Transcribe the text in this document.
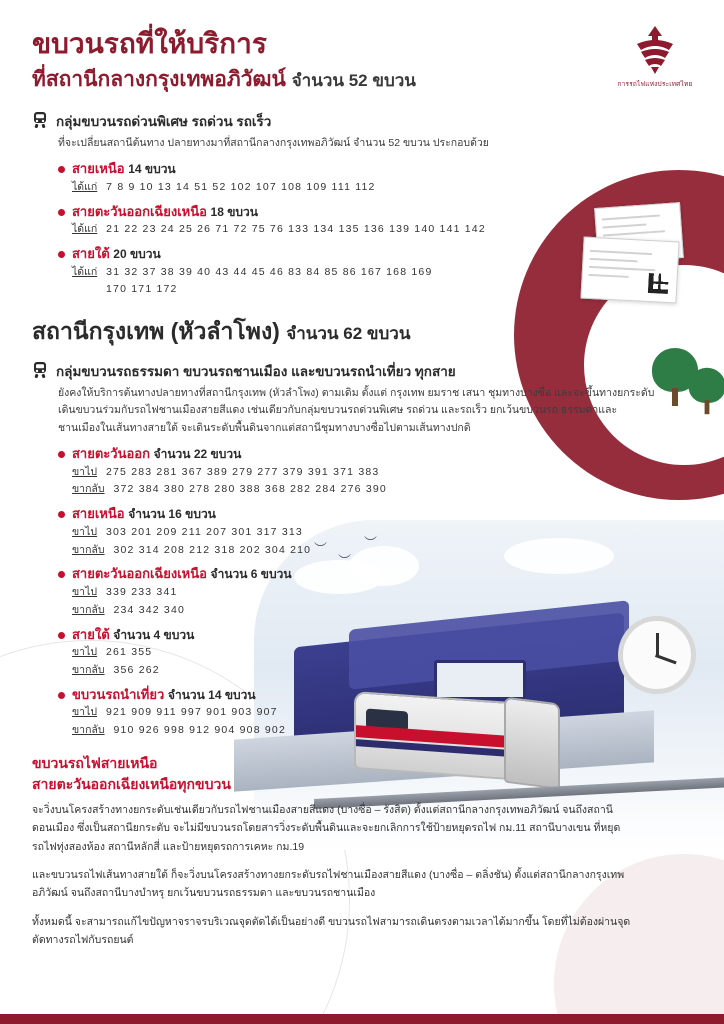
︶
︶
︶
การรถไฟแห่งประเทศไทย
ขบวนรถที่ให้บริการ
ที่สถานีกลางกรุงเทพอภิวัฒน์ จำนวน 52 ขบวน
กลุ่มขบวนรถด่วนพิเศษ รถด่วน รถเร็ว
ที่จะเปลี่ยนสถานีต้นทาง ปลายทางมาที่สถานีกลางกรุงเทพอภิวัฒน์ จำนวน 52 ขบวน ประกอบด้วย
สายเหนือ 14 ขบวน
ได้แก่ 7 8 9 10 13 14 51 52 102 107 108 109 111 112
สายตะวันออกเฉียงเหนือ 18 ขบวน
ได้แก่ 21 22 23 24 25 26 71 72 75 76 133 134 135 136 139 140 141 142
สายใต้ 20 ขบวน
ได้แก่ 31 32 37 38 39 40 43 44 45 46 83 84 85 86 167 168 169
170 171 172
สถานีกรุงเทพ (หัวลำโพง) จำนวน 62 ขบวน
กลุ่มขบวนรถธรรมดา ขบวนรถชานเมือง และขบวนรถนำเที่ยว ทุกสาย
ยังคงให้บริการต้นทางปลายทางที่สถานีกรุงเทพ (หัวลำโพง) ตามเดิม ตั้งแต่ กรุงเทพ ยมราช เสนา ชุมทางบางซื่อ และจะขึ้นทางยกระดับเดินขบวนร่วมกับรถไฟชานเมืองสายสีแดง เช่นเดียวกับกลุ่มขบวนรถด่วนพิเศษ รถด่วน และรถเร็ว ยกเว้นขบวนรถ ธรรมดาและชานเมืองในเส้นทางสายใต้ จะเดินระดับพื้นดินจากแต่สถานีชุมทางบางซื่อไปตามเส้นทางปกติ
สายตะวันออก จำนวน 22 ขบวน
ขาไป 275 283 281 367 389 279 277 379 391 371 383
ขากลับ 372 384 380 278 280 388 368 282 284 276 390
สายเหนือ จำนวน 16 ขบวน
ขาไป 303 201 209 211 207 301 317 313
ขากลับ 302 314 208 212 318 202 304 210
สายตะวันออกเฉียงเหนือ จำนวน 6 ขบวน
ขาไป 339 233 341
ขากลับ 234 342 340
สายใต้ จำนวน 4 ขบวน
ขาไป 261 355
ขากลับ 356 262
ขบวนรถนำเที่ยว จำนวน 14 ขบวน
ขาไป 921 909 911 997 901 903 907
ขากลับ 910 926 998 912 904 908 902
ขบวนรถไฟสายเหนือ
สายตะวันออกเฉียงเหนือทุกขบวน

จะวิ่งบนโครงสร้างทางยกระดับเช่นเดียวกับรถไฟชานเมืองสายสีแดง (บางซื่อ – รังสิต) ตั้งแต่สถานีกลางกรุงเทพอภิวัฒน์ จนถึงสถานีดอนเมือง ซึ่งเป็นสถานียกระดับ จะไม่มีขบวนรถโดยสารวิ่งระดับพื้นดินและจะยกเลิกการใช้ป้ายหยุดรถไฟ กม.11 สถานีบางเขน ที่หยุดรถไฟทุ่งสองห้อง สถานีหลักสี่ และป้ายหยุดรถการเคหะ กม.19

และขบวนรถไฟเส้นทางสายใต้ ก็จะวิ่งบนโครงสร้างทางยกระดับรถไฟชานเมืองสายสีแดง (บางซื่อ – ตลิ่งชัน) ตั้งแต่สถานีกลางกรุงเทพอภิวัฒน์ จนถึงสถานีบางบำหรุ ยกเว้นขบวนรถธรรมดา และขบวนรถชานเมือง

ทั้งหมดนี้ จะสามารถแก้ไขปัญหาจราจรบริเวณจุดตัดได้เป็นอย่างดี ขบวนรถไฟสามารถเดินตรงตามเวลาได้มากขึ้น โดยที่ไม่ต้องผ่านจุดตัดทางรถไฟกับรถยนต์
